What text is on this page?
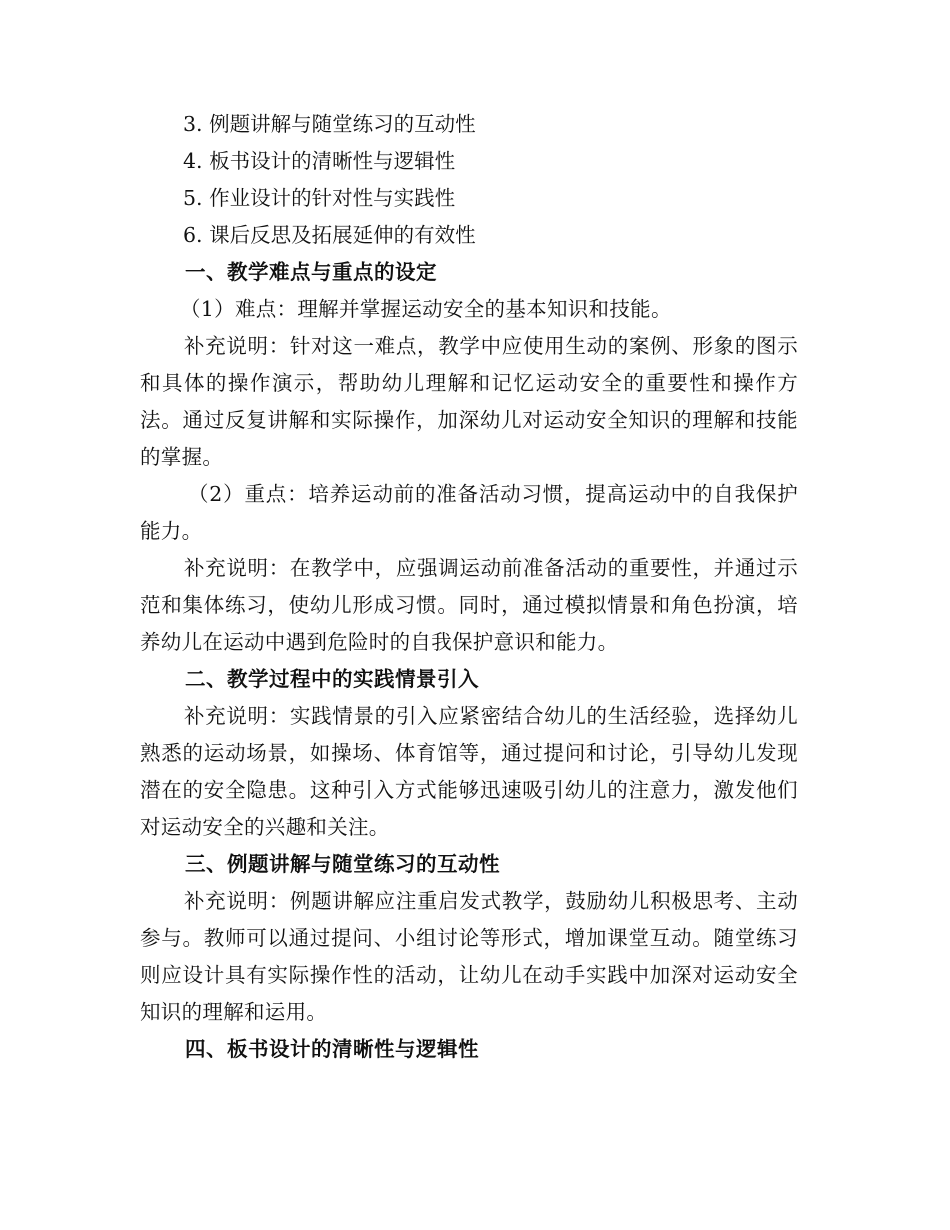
3. 例题讲解与随堂练习的互动性

4. 板书设计的清晰性与逻辑性

5. 作业设计的针对性与实践性

6. 课后反思及拓展延伸的有效性

一、教学难点与重点的设定

（1）难点：理解并掌握运动安全的基本知识和技能。

补充说明：针对这一难点，教学中应使用生动的案例、形象的图示和具体的操作演示，帮助幼儿理解和记忆运动安全的重要性和操作方法。通过反复讲解和实际操作，加深幼儿对运动安全知识的理解和技能的掌握。

（2）重点：培养运动前的准备活动习惯，提高运动中的自我保护能力。

补充说明：在教学中，应强调运动前准备活动的重要性，并通过示范和集体练习，使幼儿形成习惯。同时，通过模拟情景和角色扮演，培养幼儿在运动中遇到危险时的自我保护意识和能力。

二、教学过程中的实践情景引入

补充说明：实践情景的引入应紧密结合幼儿的生活经验，选择幼儿熟悉的运动场景，如操场、体育馆等，通过提问和讨论，引导幼儿发现潜在的安全隐患。这种引入方式能够迅速吸引幼儿的注意力，激发他们对运动安全的兴趣和关注。

三、例题讲解与随堂练习的互动性

补充说明：例题讲解应注重启发式教学，鼓励幼儿积极思考、主动参与。教师可以通过提问、小组讨论等形式，增加课堂互动。随堂练习则应设计具有实际操作性的活动，让幼儿在动手实践中加深对运动安全知识的理解和运用。

四、板书设计的清晰性与逻辑性
